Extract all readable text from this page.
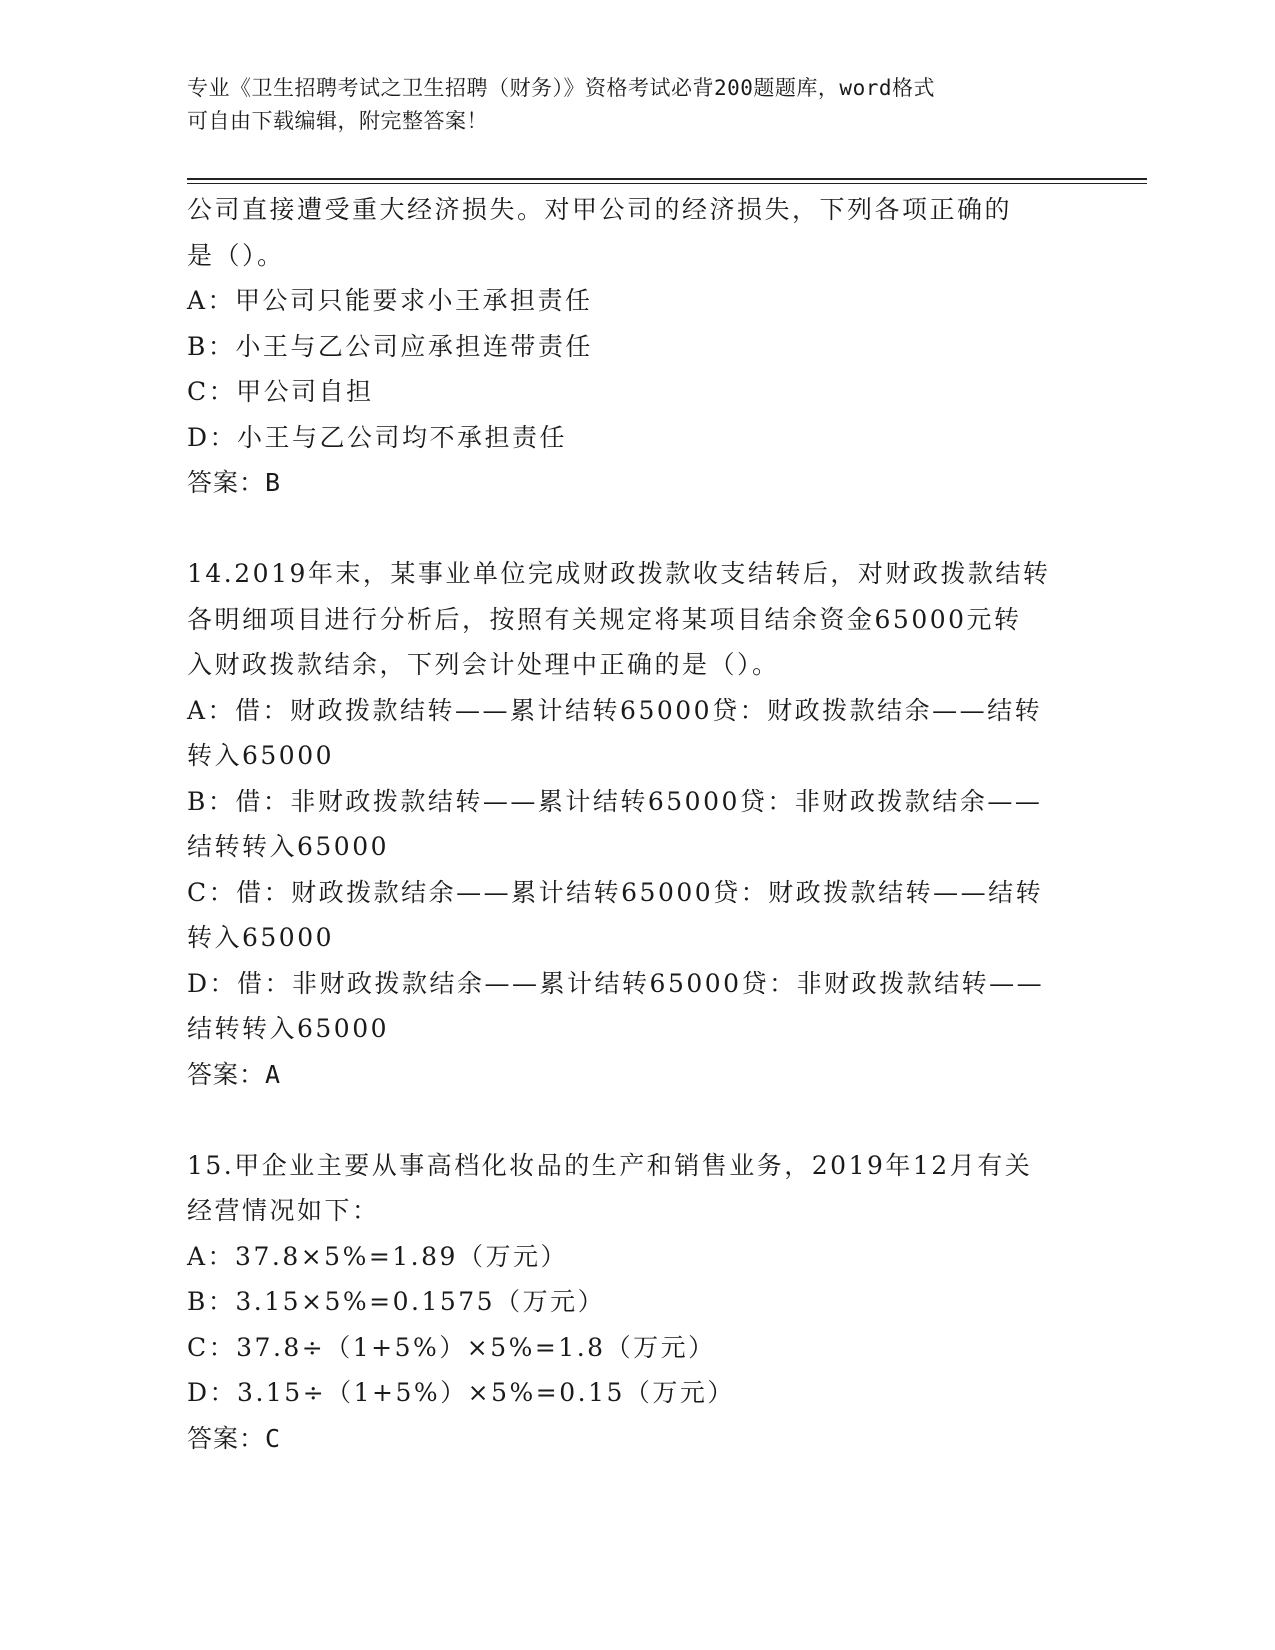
专业《卫生招聘考试之卫生招聘（财务）》资格考试必背200题题库，word格式
可自由下载编辑，附完整答案！
公司直接遭受重大经济损失。对甲公司的经济损失，下列各项正确的
是（）。
A：甲公司只能要求小王承担责任
B：小王与乙公司应承担连带责任
C：甲公司自担
D：小王与乙公司均不承担责任
答案：B
14.2019年末，某事业单位完成财政拨款收支结转后，对财政拨款结转
各明细项目进行分析后，按照有关规定将某项目结余资金65000元转
入财政拨款结余，下列会计处理中正确的是（）。
A：借：财政拨款结转——累计结转65000贷：财政拨款结余——结转
转入65000
B：借：非财政拨款结转——累计结转65000贷：非财政拨款结余——
结转转入65000
C：借：财政拨款结余——累计结转65000贷：财政拨款结转——结转
转入65000
D：借：非财政拨款结余——累计结转65000贷：非财政拨款结转——
结转转入65000
答案：A
15.甲企业主要从事高档化妆品的生产和销售业务，2019年12月有关
经营情况如下：
A：37.8×5%=1.89（万元）
B：3.15×5%=0.1575（万元）
C：37.8÷（1+5%）×5%=1.8（万元）
D：3.15÷（1+5%）×5%=0.15（万元）
答案：C
